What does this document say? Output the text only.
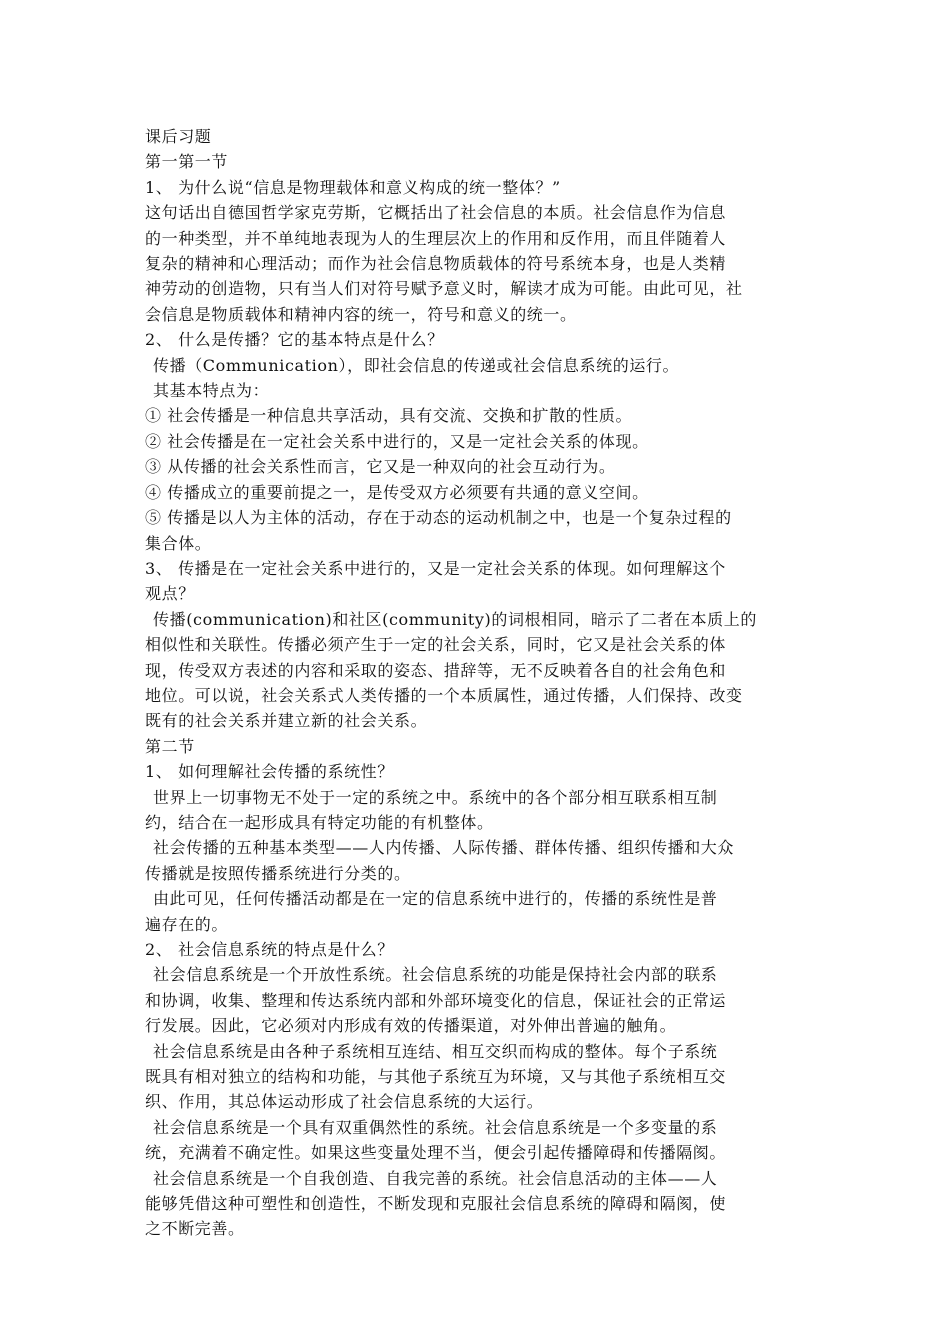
课后习题
第一第一节
1、 为什么说“信息是物理载体和意义构成的统一整体？”
这句话出自德国哲学家克劳斯，它概括出了社会信息的本质。社会信息作为信息
的一种类型，并不单纯地表现为人的生理层次上的作用和反作用，而且伴随着人
复杂的精神和心理活动；而作为社会信息物质载体的符号系统本身，也是人类精
神劳动的创造物，只有当人们对符号赋予意义时，解读才成为可能。由此可见，社
会信息是物质载体和精神内容的统一，符号和意义的统一。
2、 什么是传播？它的基本特点是什么？
传播（Communication），即社会信息的传递或社会信息系统的运行。
其基本特点为：
① 社会传播是一种信息共享活动，具有交流、交换和扩散的性质。
② 社会传播是在一定社会关系中进行的，又是一定社会关系的体现。
③ 从传播的社会关系性而言，它又是一种双向的社会互动行为。
④ 传播成立的重要前提之一，是传受双方必须要有共通的意义空间。
⑤ 传播是以人为主体的活动，存在于动态的运动机制之中，也是一个复杂过程的
集合体。
3、 传播是在一定社会关系中进行的，又是一定社会关系的体现。如何理解这个
观点？
传播(communication)和社区(community)的词根相同，暗示了二者在本质上的
相似性和关联性。传播必须产生于一定的社会关系，同时，它又是社会关系的体
现，传受双方表述的内容和采取的姿态、措辞等，无不反映着各自的社会角色和
地位。可以说，社会关系式人类传播的一个本质属性，通过传播，人们保持、改变
既有的社会关系并建立新的社会关系。
第二节
1、 如何理解社会传播的系统性？
世界上一切事物无不处于一定的系统之中。系统中的各个部分相互联系相互制
约，结合在一起形成具有特定功能的有机整体。
社会传播的五种基本类型——人内传播、人际传播、群体传播、组织传播和大众
传播就是按照传播系统进行分类的。
由此可见，任何传播活动都是在一定的信息系统中进行的，传播的系统性是普
遍存在的。
2、 社会信息系统的特点是什么？
社会信息系统是一个开放性系统。社会信息系统的功能是保持社会内部的联系
和协调，收集、整理和传达系统内部和外部环境变化的信息，保证社会的正常运
行发展。因此，它必须对内形成有效的传播渠道，对外伸出普遍的触角。
社会信息系统是由各种子系统相互连结、相互交织而构成的整体。每个子系统
既具有相对独立的结构和功能，与其他子系统互为环境，又与其他子系统相互交
织、作用，其总体运动形成了社会信息系统的大运行。
社会信息系统是一个具有双重偶然性的系统。社会信息系统是一个多变量的系
统，充满着不确定性。如果这些变量处理不当，便会引起传播障碍和传播隔阂。
社会信息系统是一个自我创造、自我完善的系统。社会信息活动的主体——人
能够凭借这种可塑性和创造性，不断发现和克服社会信息系统的障碍和隔阂，使
之不断完善。
